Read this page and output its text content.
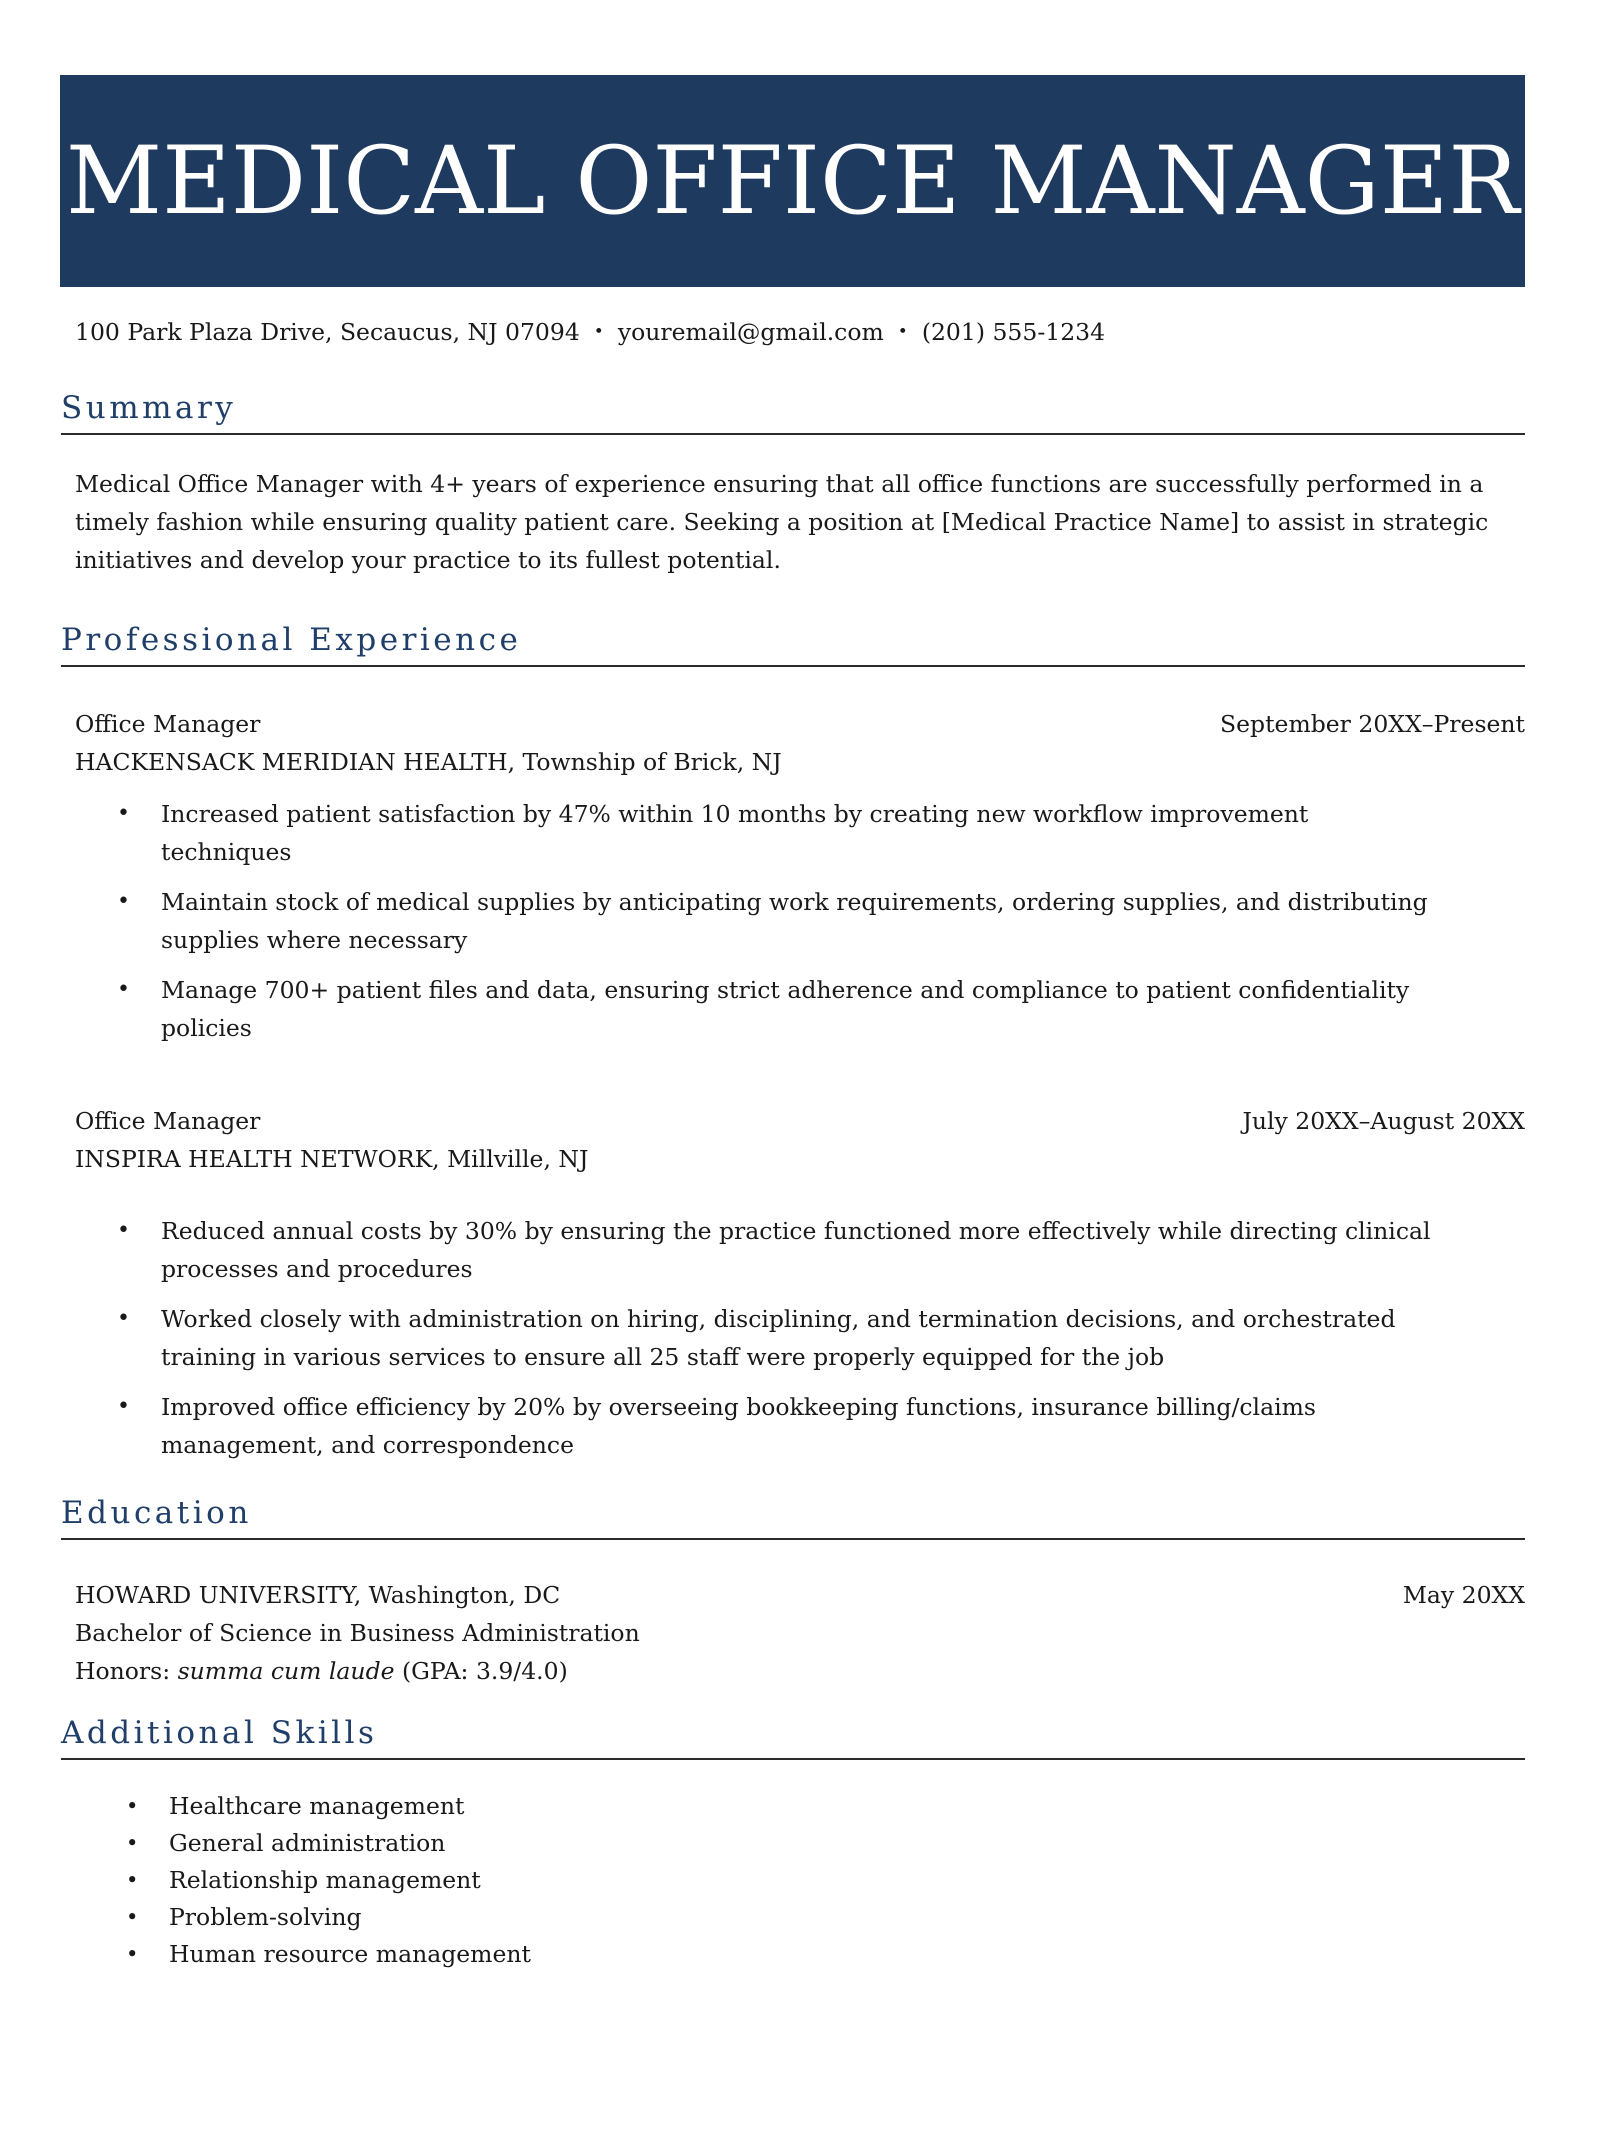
MEDICAL OFFICE MANAGER
100 Park Plaza Drive, Secaucus, NJ 07094 • youremail@gmail.com • (201) 555-1234
Summary

Medical Office Manager with 4+ years of experience ensuring that all office functions are successfully performed in a timely fashion while ensuring quality patient care. Seeking a position at [Medical Practice Name] to assist in strategic initiatives and develop your practice to its fullest potential.

Professional Experience
Office Manager	September 20XX–Present
HACKENSACK MERIDIAN HEALTH, Township of Brick, NJ
• Increased patient satisfaction by 47% within 10 months by creating new workflow improvement techniques
• Maintain stock of medical supplies by anticipating work requirements, ordering supplies, and distributing supplies where necessary
• Manage 700+ patient files and data, ensuring strict adherence and compliance to patient confidentiality policies
Office Manager	July 20XX–August 20XX
INSPIRA HEALTH NETWORK, Millville, NJ
• Reduced annual costs by 30% by ensuring the practice functioned more effectively while directing clinical processes and procedures
• Worked closely with administration on hiring, disciplining, and termination decisions, and orchestrated training in various services to ensure all 25 staff were properly equipped for the job
• Improved office efficiency by 20% by overseeing bookkeeping functions, insurance billing/claims management, and correspondence
Education
HOWARD UNIVERSITY, Washington, DC	May 20XX
Bachelor of Science in Business Administration
Honors: summa cum laude (GPA: 3.9/4.0)
Additional Skills
• Healthcare management
• General administration
• Relationship management
• Problem-solving
• Human resource management
